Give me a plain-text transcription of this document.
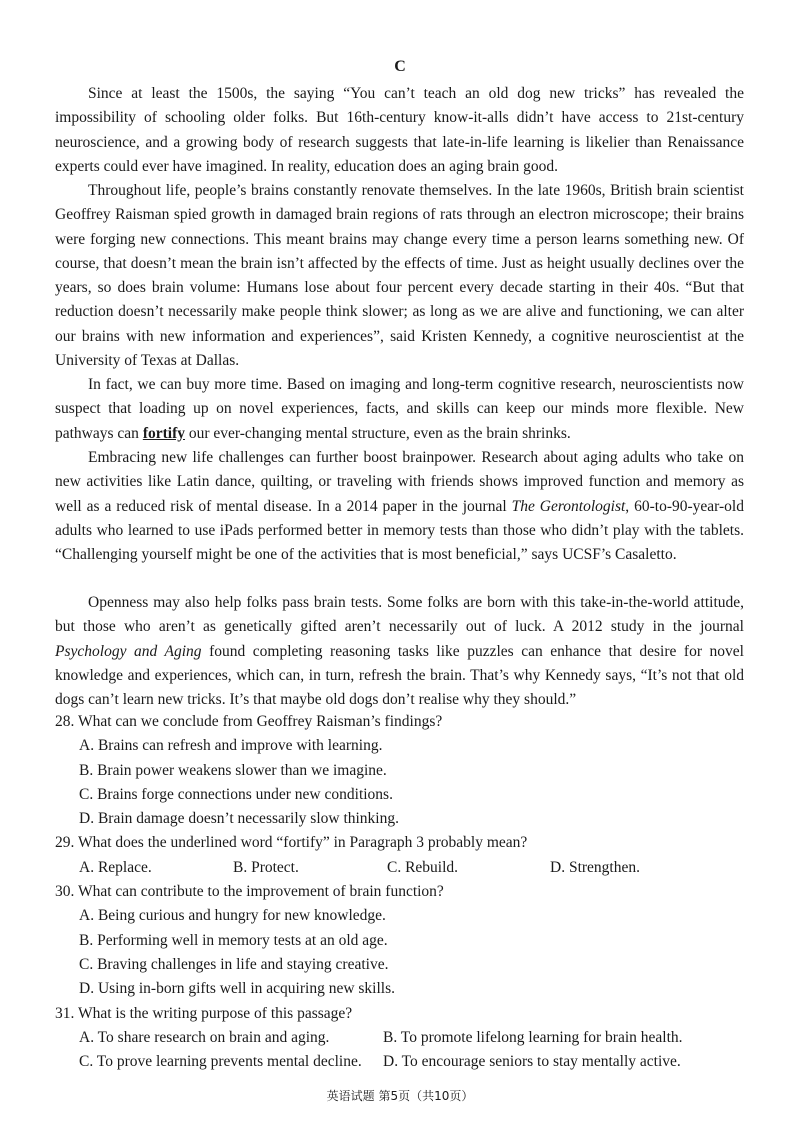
C

Since at least the 1500s, the saying “You can’t teach an old dog new tricks” has revealed the impossibility of schooling older folks. But 16th-century know-it-alls didn’t have access to 21st-century neuroscience, and a growing body of research suggests that late-in-life learning is likelier than Renaissance experts could ever have imagined. In reality, education does an aging brain good.

Throughout life, people’s brains constantly renovate themselves. In the late 1960s, British brain scientist Geoffrey Raisman spied growth in damaged brain regions of rats through an electron microscope; their brains were forging new connections. This meant brains may change every time a person learns something new. Of course, that doesn’t mean the brain isn’t affected by the effects of time. Just as height usually declines over the years, so does brain volume: Humans lose about four percent every decade starting in their 40s. “But that reduction doesn’t necessarily make people think slower; as long as we are alive and functioning, we can alter our brains with new information and experiences”, said Kristen Kennedy, a cognitive neuroscientist at the University of Texas at Dallas.

In fact, we can buy more time. Based on imaging and long-term cognitive research, neuroscientists now suspect that loading up on novel experiences, facts, and skills can keep our minds more flexible. New pathways can fortify our ever-changing mental structure, even as the brain shrinks.

Embracing new life challenges can further boost brainpower. Research about aging adults who take on new activities like Latin dance, quilting, or traveling with friends shows improved function and memory as well as a reduced risk of mental disease. In a 2014 paper in the journal The Gerontologist, 60-to-90-year-old adults who learned to use iPads performed better in memory tests than those who didn’t play with the tablets. “Challenging yourself might be one of the activities that is most beneficial,” says UCSF’s Casaletto.

Openness may also help folks pass brain tests. Some folks are born with this take-in-the-world attitude, but those who aren’t as genetically gifted aren’t necessarily out of luck. A 2012 study in the journal Psychology and Aging found completing reasoning tasks like puzzles can enhance that desire for novel knowledge and experiences, which can, in turn, refresh the brain. That’s why Kennedy says, “It’s not that old dogs can’t learn new tricks. It’s that maybe old dogs don’t realise why they should.”

28. What can we conclude from Geoffrey Raisman’s findings?

A. Brains can refresh and improve with learning.

B. Brain power weakens slower than we imagine.

C. Brains forge connections under new conditions.

D. Brain damage doesn’t necessarily slow thinking.

29. What does the underlined word “fortify” in Paragraph 3 probably mean?

A. Replace.	B. Protect.	C. Rebuild.	D. Strengthen.

30. What can contribute to the improvement of brain function?

A. Being curious and hungry for new knowledge.

B. Performing well in memory tests at an old age.

C. Braving challenges in life and staying creative.

D. Using in-born gifts well in acquiring new skills.

31. What is the writing purpose of this passage?

A. To share research on brain and aging.	B. To promote lifelong learning for brain health.
C. To prove learning prevents mental decline.	D. To encourage seniors to stay mentally active.
英语试题 第5页（共10页）
